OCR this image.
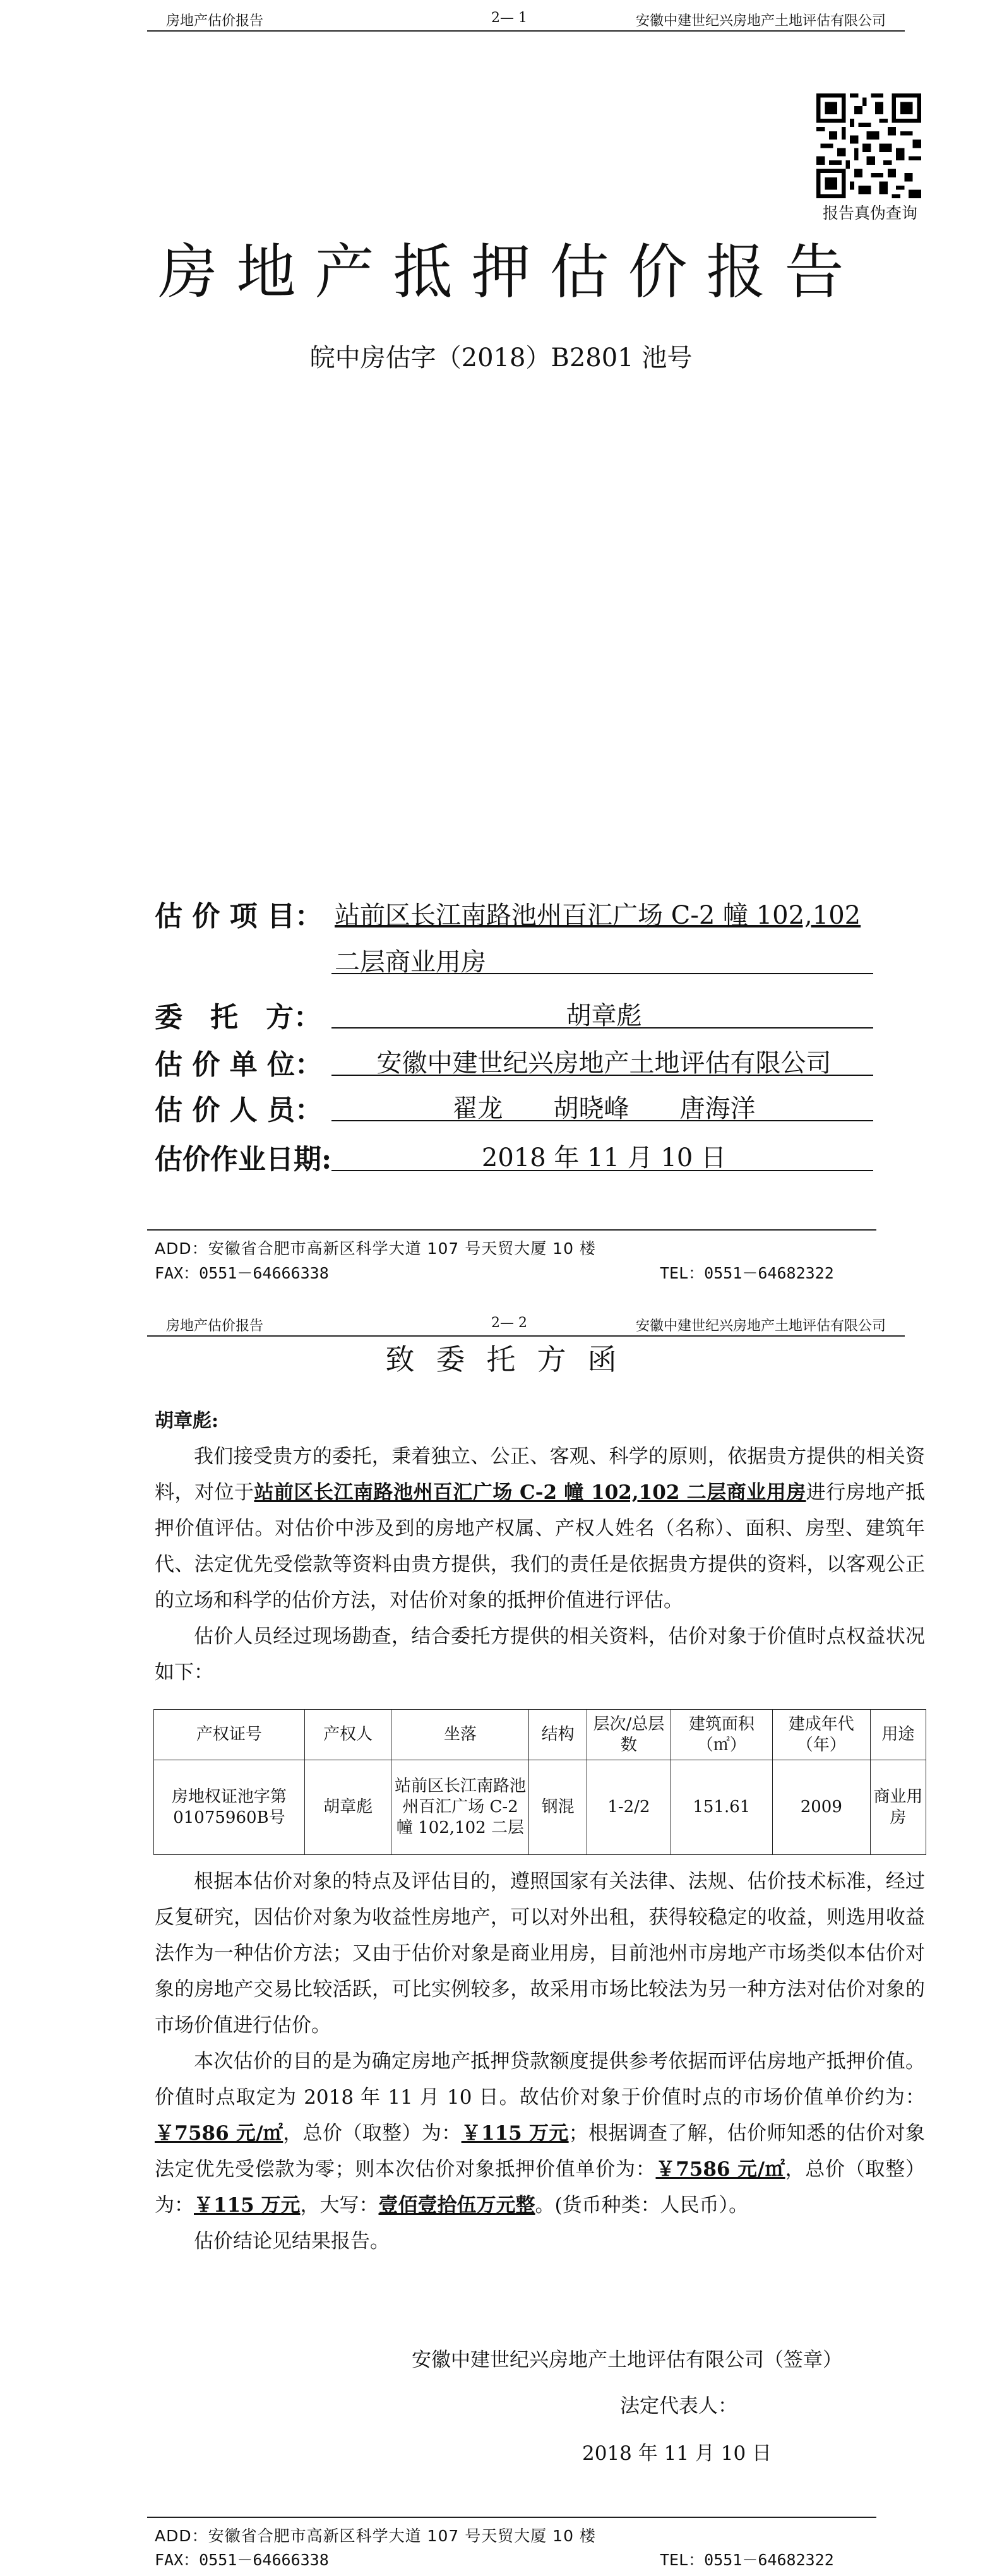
房地产估价报告	2— 1	安徽中建世纪兴房地产土地评估有限公司
报告真伪查询
房地产抵押估价报告
皖中房估字（2018）B2801 池号
估 价 项 目： 站前区长江南路池州百汇广场 C-2 幢 102,102
二层商业用房
委　托　方：	胡章彪
估 价 单 位：	安徽中建世纪兴房地产土地评估有限公司
估 价 人 员：	翟龙　　胡晓峰　　唐海洋
估价作业日期:	2018 年 11 月 10 日
ADD：安徽省合肥市高新区科学大道 107 号天贸大厦 10 楼
FAX：0551－64666338	TEL：0551－64682322
房地产估价报告	2— 2	安徽中建世纪兴房地产土地评估有限公司
致委托方函
胡章彪:

我们接受贵方的委托，秉着独立、公正、客观、科学的原则，依据贵方提供的相关资料，对位于站前区长江南路池州百汇广场 C-2 幢 102,102 二层商业用房进行房地产抵押价值评估。对估价中涉及到的房地产权属、产权人姓名（名称）、面积、房型、建筑年代、法定优先受偿款等资料由贵方提供，我们的责任是依据贵方提供的资料，以客观公正的立场和科学的估价方法，对估价对象的抵押价值进行评估。

估价人员经过现场勘查，结合委托方提供的相关资料，估价对象于价值时点权益状况如下：

产权证号	产权人	坐落	结构	层次/总层数	建筑面积（㎡）	建成年代（年）	用途
房地权证池字第01075960B号	胡章彪	站前区长江南路池州百汇广场 C-2 幢 102,102 二层	钢混	1-2/2	151.61	2009	商业用房

根据本估价对象的特点及评估目的，遵照国家有关法律、法规、估价技术标准，经过反复研究，因估价对象为收益性房地产，可以对外出租，获得较稳定的收益，则选用收益法作为一种估价方法；又由于估价对象是商业用房，目前池州市房地产市场类似本估价对象的房地产交易比较活跃，可比实例较多，故采用市场比较法为另一种方法对估价对象的市场价值进行估价。

本次估价的目的是为确定房地产抵押贷款额度提供参考依据而评估房地产抵押价值。价值时点取定为 2018 年 11 月 10 日。故估价对象于价值时点的市场价值单价约为：￥7586 元/㎡，总价（取整）为：￥115 万元；根据调查了解，估价师知悉的估价对象法定优先受偿款为零；则本次估价对象抵押价值单价为：￥7586 元/㎡，总价（取整）为：￥115 万元，大写：壹佰壹拾伍万元整。(货币种类：人民币）。

估价结论见结果报告。

安徽中建世纪兴房地产土地评估有限公司（签章）
法定代表人：
2018 年 11 月 10 日
ADD：安徽省合肥市高新区科学大道 107 号天贸大厦 10 楼
FAX：0551－64666338	TEL：0551－64682322
